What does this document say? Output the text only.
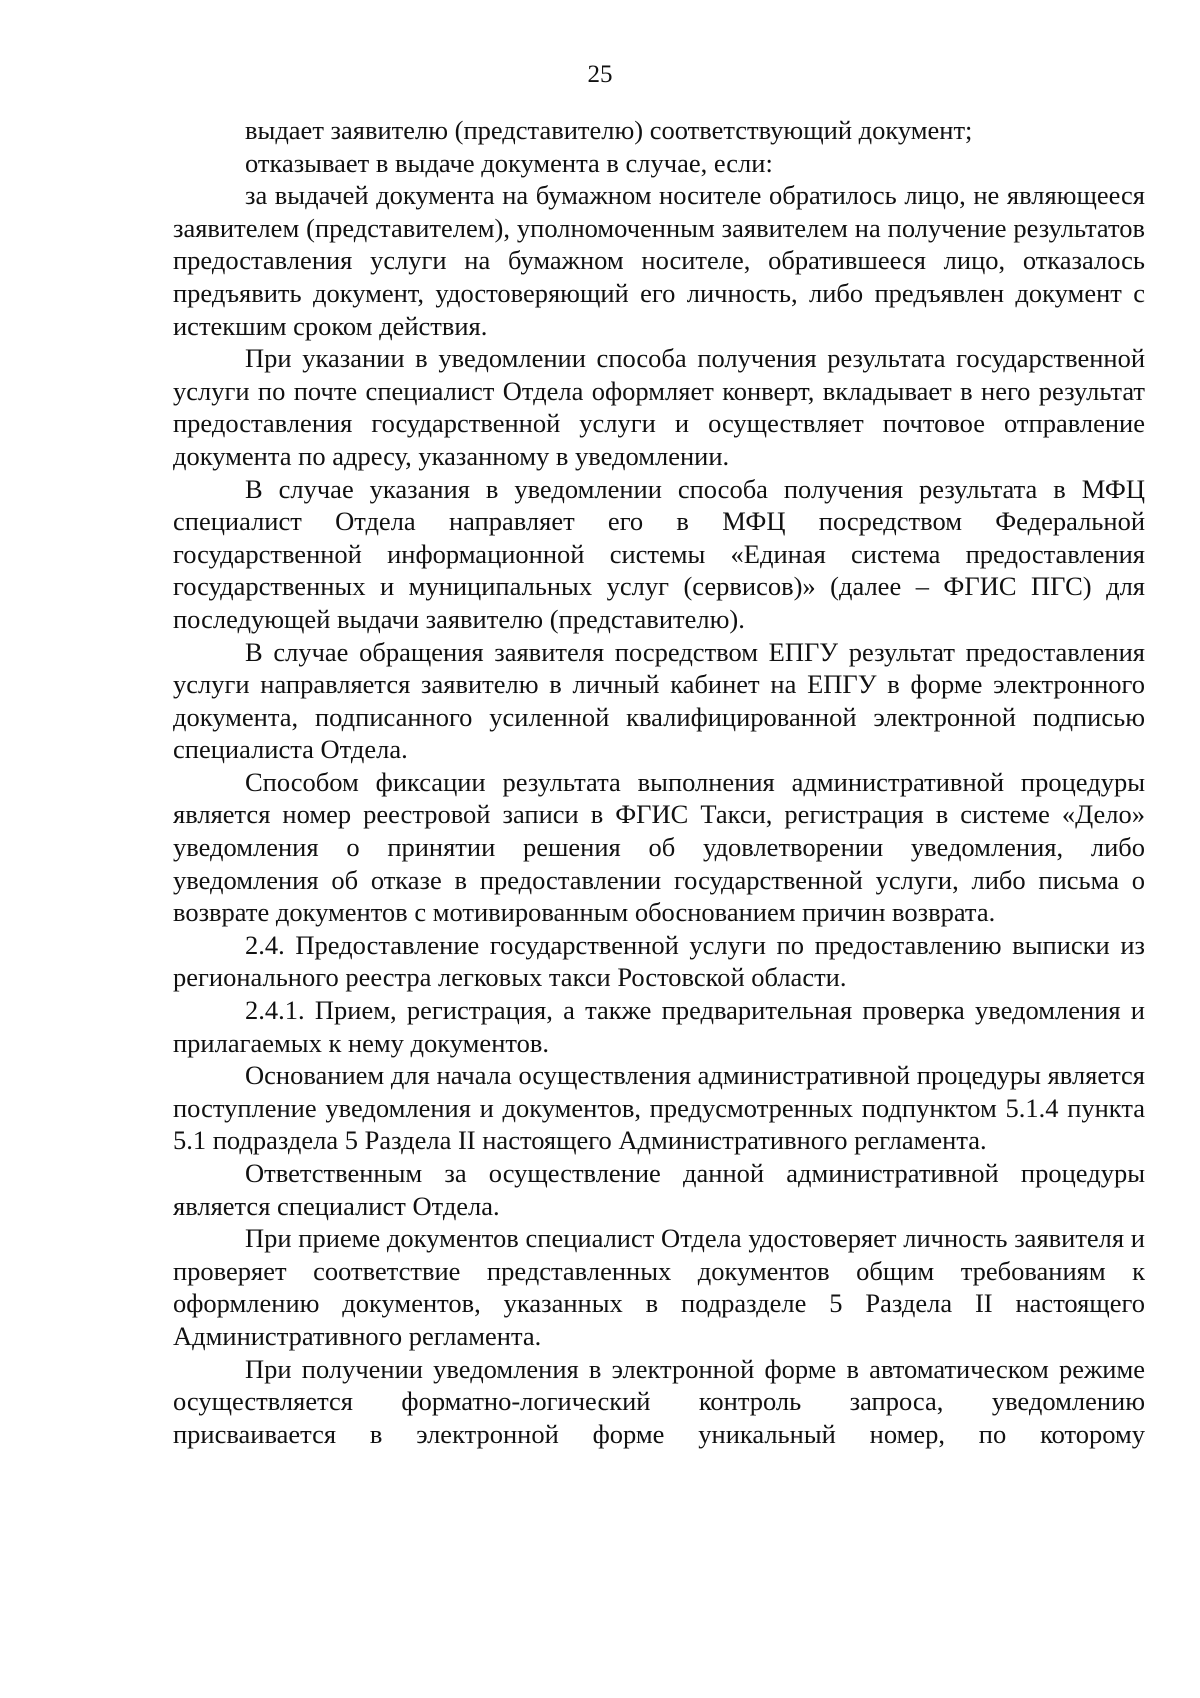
25

выдает заявителю (представителю) соответствующий документ;

отказывает в выдаче документа в случае, если:

за выдачей документа на бумажном носителе обратилось лицо, не являющееся заявителем (представителем), уполномоченным заявителем на получение результатов предоставления услуги на бумажном носителе, обратившееся лицо, отказалось предъявить документ, удостоверяющий его личность, либо предъявлен документ с истекшим сроком действия.

При указании в уведомлении способа получения результата государственной услуги по почте специалист Отдела оформляет конверт, вкладывает в него результат предоставления государственной услуги и осуществляет почтовое отправление документа по адресу, указанному в уведомлении.

В случае указания в уведомлении способа получения результата в МФЦ специалист Отдела направляет его в МФЦ посредством Федеральной государственной информационной системы «Единая система предоставления государственных и муниципальных услуг (сервисов)» (далее – ФГИС ПГС) для последующей выдачи заявителю (представителю).

В случае обращения заявителя посредством ЕПГУ результат предоставления услуги направляется заявителю в личный кабинет на ЕПГУ в форме электронного документа, подписанного усиленной квалифицированной электронной подписью специалиста Отдела.

Способом фиксации результата выполнения административной процедуры является номер реестровой записи в ФГИС Такси, регистрация в системе «Дело» уведомления о принятии решения об удовлетворении уведомления, либо уведомления об отказе в предоставлении государственной услуги, либо письма о возврате документов с мотивированным обоснованием причин возврата.

2.4. Предоставление государственной услуги по предоставлению выписки из регионального реестра легковых такси Ростовской области.

2.4.1. Прием, регистрация, а также предварительная проверка уведомления и прилагаемых к нему документов.

Основанием для начала осуществления административной процедуры является поступление уведомления и документов, предусмотренных подпунктом 5.1.4 пункта 5.1 подраздела 5 Раздела II настоящего Административного регламента.

Ответственным за осуществление данной административной процедуры является специалист Отдела.

При приеме документов специалист Отдела удостоверяет личность заявителя и проверяет соответствие представленных документов общим требованиям к оформлению документов, указанных в подразделе 5 Раздела II настоящего Административного регламента.

При получении уведомления в электронной форме в автоматическом режиме осуществляется форматно-логический контроль запроса, уведомлению присваивается в электронной форме уникальный номер, по которому
